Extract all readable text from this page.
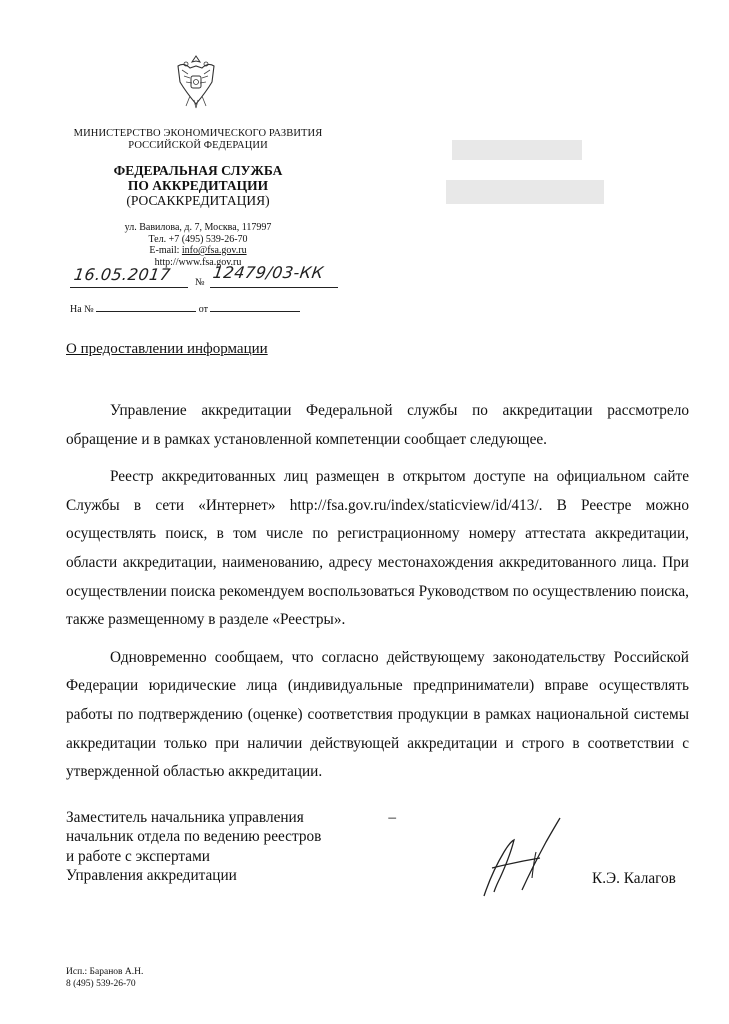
МИНИСТЕРСТВО ЭКОНОМИЧЕСКОГО РАЗВИТИЯ
РОССИЙСКОЙ ФЕДЕРАЦИИ
ФЕДЕРАЛЬНАЯ СЛУЖБА
ПО АККРЕДИТАЦИИ
(РОСАККРЕДИТАЦИЯ)
ул. Вавилова, д. 7, Москва, 117997
Тел. +7 (495) 539-26-70
E-mail: info@fsa.gov.ru
http://www.fsa.gov.ru
16.05.2017 №
12479/03-КК
На №	от
О предоставлении информации

Управление аккредитации Федеральной службы по аккредитации рассмотрело обращение и в рамках установленной компетенции сообщает следующее.

Реестр аккредитованных лиц размещен в открытом доступе на официальном сайте Службы в сети «Интернет» http://fsa.gov.ru/index/staticview/id/413/. В Реестре можно осуществлять поиск, в том числе по регистрационному номеру аттестата аккредитации, области аккредитации, наименованию, адресу местонахождения аккредитованного лица. При осуществлении поиска рекомендуем воспользоваться Руководством по осуществлению поиска, также размещенному в разделе «Реестры».

Одновременно сообщаем, что согласно действующему законодательству Российской Федерации юридические лица (индивидуальные предприниматели) вправе осуществлять работы по подтверждению (оценке) соответствия продукции в рамках национальной системы аккредитации только при наличии действующей аккредитации и строго в соответствии с утвержденной областью аккредитации.

Заместитель начальника управления	–
начальник отдела по ведению реестров
и работе с экспертами
Управления аккредитации	К.Э. Калагов
Исп.: Баранов А.Н.
8 (495) 539-26-70
